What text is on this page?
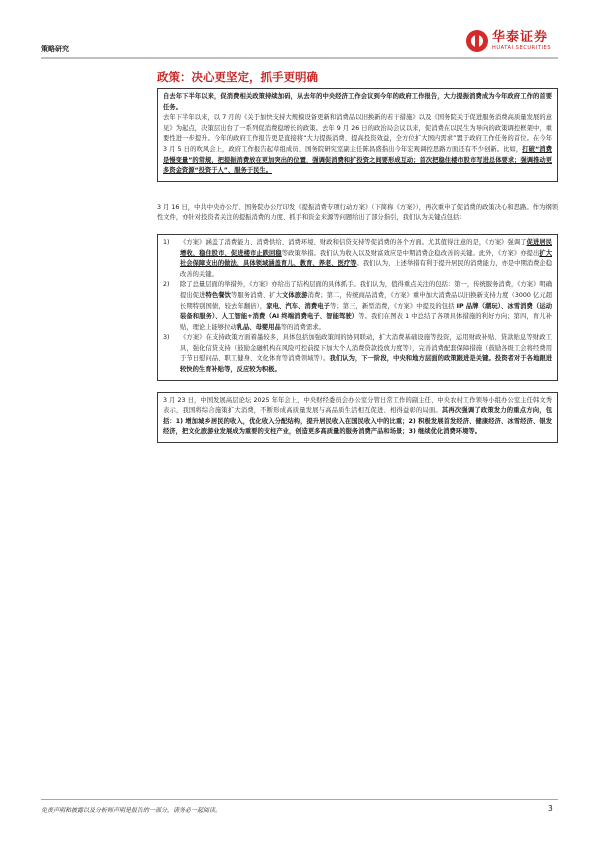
策略研究
华泰证券
HUATAI SECURITIES
政策：决心更坚定，抓手更明确

自去年下半年以来，促消费相关政策持续加码，从去年的中央经济工作会议到今年的政府工作报告，大力提振消费成为今年政府工作的首要任务。

去年下半年以来，以 7 月的《关于加快支持大规模设备更新和消费品以旧换新的若干措施》以及《国务院关于促进服务消费高质量发展的意见》为起点，决策层出台了一系列促消费稳增长的政策。去年 9 月 26 日的政治局会议以来，促消费在以民生为导向的政策调控框架中，重要性进一步提升。今年的政府工作报告更是直接将“大力提振消费、提高投资效益，全方位扩大国内需求”置于政府工作任务的首位。在今年 3 月 5 日的吹风会上，政府工作报告起草组成员、国务院研究室副主任陈昌盛指出今年宏观调控思路方面还有不少创新。比如，打破“消费是慢变量”的常规，把提振消费放在更加突出的位置，强调促消费和扩投资之间要形成互动；首次把稳住楼市股市写进总体要求；强调推动更多资金资源“投资于人”、服务于民生。

3 月 16 日，中共中央办公厅、国务院办公厅印发《提振消费专项行动方案》（下简称《方案》），再次重申了促消费的政策决心和思路。作为纲领性文件，亦针对投资者关注的提振消费的力度、抓手和资金来源等问题给出了部分指引，我们认为关键点包括：

1)	《方案》涵盖了消费能力、消费供给、消费环境、财政和信贷支持等促消费的各个方面。尤其值得注意的是，《方案》强调了促进居民增收、稳住股市、促进楼市止跌回稳等政策举措。我们认为收入以及财富效应是中期消费企稳改善的关键。此外，《方案》亦提出扩大社会保障支出的做法，具体领域涵盖育儿、教育、养老、医疗等。我们认为，上述举措有利于提升居民的消费能力，亦是中期消费企稳改善的关键。
2)	除了总量层面的举措外，《方案》亦给出了结构层面的具体抓手。我们认为，值得重点关注的包括：第一，传统服务消费，《方案》明确提出促进特色餐饮等服务消费、扩大文体旅游消费；第二，传统商品消费，《方案》重申加大消费品以旧换新支持力度（3000 亿元超长期特别国债，较去年翻倍），家电、汽车、消费电子等；第三，新型消费，《方案》中提及的包括 IP 品牌（潮玩）、冰雪消费（运动装备和服务）、人工智能+消费（AI 终端消费电子、智能驾驶）等。我们在图表 1 中总结了各项具体措施的利好方向；第四，育儿补贴，理论上能够拉动乳品、母婴用品等的消费需求。
3)	《方案》在支持政策方面着墨较多，具体包括加强政策间的协同联动，扩大消费基础设施等投资，运用财政补贴、贷款贴息等财政工具，强化信贷支持（鼓励金融机构在风险可控前提下加大个人消费贷款投放力度等），完善消费配套保障措施（鼓励各级工会将经费用于节日慰问品、职工健身、文化体育等消费领域等）。我们认为，下一阶段，中央和地方层面的政策跟进是关键。投资者对于各地跟进较快的生育补贴等，反应较为积极。

3 月 23 日，中国发展高层论坛 2025 年年会上，中央财经委员会办公室分管日常工作的副主任、中央农村工作领导小组办公室主任韩文秀表示，我国将综合施策扩大消费，不断形成高质量发展与高品质生活相互促进、相得益彰的局面。其再次强调了政策发力的重点方向，包括：1) 增加城乡居民的收入，优化收入分配结构，提升居民收入在国民收入中的比重；2) 积极发展首发经济、健康经济、冰雪经济、银发经济，把文化旅游业发展成为重要的支柱产业，创造更多高质量的服务消费产品和场景；3) 继续优化消费环境等。

免责声明和披露以及分析师声明是报告的一部分，请务必一起阅读。	3
